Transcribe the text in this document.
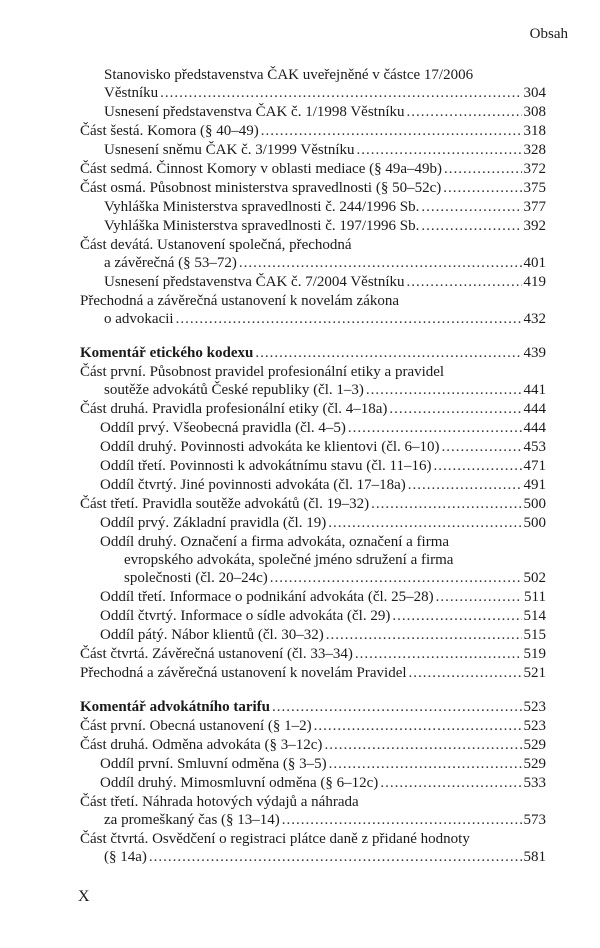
Obsah
Stanovisko představenstva ČAK uveřejněné v částce 17/2006
Věstníku .....	304
Usnesení představenstva ČAK č. 1/1998 Věstníku .....	308
Část šestá. Komora (§ 40–49) .....	318
Usnesení sněmu ČAK č. 3/1999 Věstníku .....	328
Část sedmá. Činnost Komory v oblasti mediace (§ 49a–49b) .....	372
Část osmá. Působnost ministerstva spravedlnosti (§ 50–52c) .....	375
Vyhláška Ministerstva spravedlnosti č. 244/1996 Sb. .....	377
Vyhláška Ministerstva spravedlnosti č. 197/1996 Sb. .....	392
Část devátá. Ustanovení společná, přechodná
a závěrečná (§ 53–72) .....	401
Usnesení představenstva ČAK č. 7/2004 Věstníku .....	419
Přechodná a závěrečná ustanovení k novelám zákona
o advokacii .....	432
Komentář etického kodexu .....	439
Část první. Působnost pravidel profesionální etiky a pravidel
soutěže advokátů České republiky (čl. 1–3) .....	441
Část druhá. Pravidla profesionální etiky (čl. 4–18a) .....	444
Oddíl prvý. Všeobecná pravidla (čl. 4–5) .....	444
Oddíl druhý. Povinnosti advokáta ke klientovi (čl. 6–10) .....	453
Oddíl třetí. Povinnosti k advokátnímu stavu (čl. 11–16) .....	471
Oddíl čtvrtý. Jiné povinnosti advokáta (čl. 17–18a) .....	491
Část třetí. Pravidla soutěže advokátů (čl. 19–32) .....	500
Oddíl prvý. Základní pravidla (čl. 19) .....	500
Oddíl druhý. Označení a firma advokáta, označení a firma
evropského advokáta, společné jméno sdružení a firma
společnosti (čl. 20–24c) .....	502
Oddíl třetí. Informace o podnikání advokáta (čl. 25–28) .....	511
Oddíl čtvrtý. Informace o sídle advokáta (čl. 29) .....	514
Oddíl pátý. Nábor klientů (čl. 30–32) .....	515
Část čtvrtá. Závěrečná ustanovení (čl. 33–34) .....	519
Přechodná a závěrečná ustanovení k novelám Pravidel .....	521
Komentář advokátního tarifu .....	523
Část první. Obecná ustanovení (§ 1–2) .....	523
Část druhá. Odměna advokáta (§ 3–12c) .....	529
Oddíl první. Smluvní odměna (§ 3–5) .....	529
Oddíl druhý. Mimosmluvní odměna (§ 6–12c) .....	533
Část třetí. Náhrada hotových výdajů a náhrada
za promeškaný čas (§ 13–14) .....	573
Část čtvrtá. Osvědčení o registraci plátce daně z přidané hodnoty
(§ 14a) .....	581
X
